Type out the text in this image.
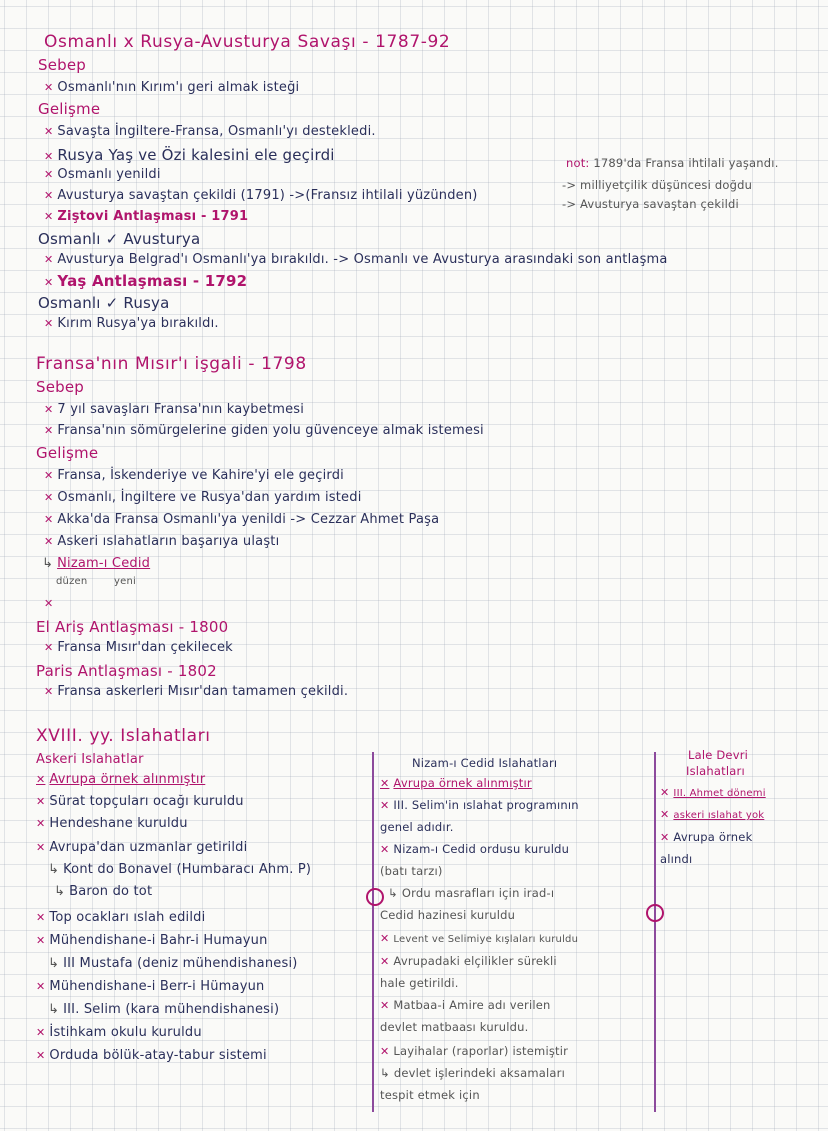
Osmanlı x Rusya-Avusturya Savaşı - 1787-92
Sebep
✕ Osmanlı'nın Kırım'ı geri almak isteği
Gelişme
✕ Savaşta İngiltere-Fransa, Osmanlı'yı destekledi.
✕ Rusya Yaş ve Özi kalesini ele geçirdi
✕ Osmanlı yenildi
✕ Avusturya savaştan çekildi (1791) ->(Fransız ihtilali yüzünden)
✕ Ziştovi Antlaşması - 1791
not: 1789'da Fransa ihtilali yaşandı.
-> milliyetçilik düşüncesi doğdu
-> Avusturya savaştan çekildi
Osmanlı ✓ Avusturya
✕ Avusturya Belgrad'ı Osmanlı'ya bırakıldı. -> Osmanlı ve Avusturya arasındaki son antlaşma
✕ Yaş Antlaşması - 1792
Osmanlı ✓ Rusya
✕ Kırım Rusya'ya bırakıldı.
Fransa'nın Mısır'ı işgali - 1798
Sebep
✕ 7 yıl savaşları Fransa'nın kaybetmesi
✕ Fransa'nın sömürgelerine giden yolu güvenceye almak istemesi
Gelişme
✕ Fransa, İskenderiye ve Kahire'yi ele geçirdi
✕ Osmanlı, İngiltere ve Rusya'dan yardım istedi
✕ Akka'da Fransa Osmanlı'ya yenildi -> Cezzar Ahmet Paşa
✕ Askeri ıslahatların başarıya ulaştı
↳ Nizam-ı Cedid
düzen	yeni
✕
El Ariş Antlaşması - 1800
✕ Fransa Mısır'dan çekilecek
Paris Antlaşması - 1802
✕ Fransa askerleri Mısır'dan tamamen çekildi.
XVIII. yy. Islahatları
Askeri Islahatlar
✕ Avrupa örnek alınmıştır
✕ Sürat topçuları ocağı kuruldu
✕ Hendeshane kuruldu
✕ Avrupa'dan uzmanlar getirildi
↳ Kont do Bonavel (Humbaracı Ahm. P)
↳ Baron do tot
✕ Top ocakları ıslah edildi
✕ Mühendishane-i Bahr-i Humayun
↳ III Mustafa (deniz mühendishanesi)
✕ Mühendishane-i Berr-i Hümayun
↳ III. Selim (kara mühendishanesi)
✕ İstihkam okulu kuruldu
✕ Orduda bölük-atay-tabur sistemi
Nizam-ı Cedid Islahatları
✕ Avrupa örnek alınmıştır
✕ III. Selim'in ıslahat programının
genel adıdır.
✕ Nizam-ı Cedid ordusu kuruldu
(batı tarzı)
↳ Ordu masrafları için irad-ı
Cedid hazinesi kuruldu
✕ Levent ve Selimiye kışlaları kuruldu
✕ Avrupadaki elçilikler sürekli
hale getirildi.
✕ Matbaa-i Amire adı verilen
devlet matbaası kuruldu.
✕ Layihalar (raporlar) istemiştir
↳ devlet işlerindeki aksamaları
tespit etmek için
Lale Devri
Islahatları
✕ III. Ahmet dönemi
✕ askeri ıslahat yok
✕ Avrupa örnek
alındı
